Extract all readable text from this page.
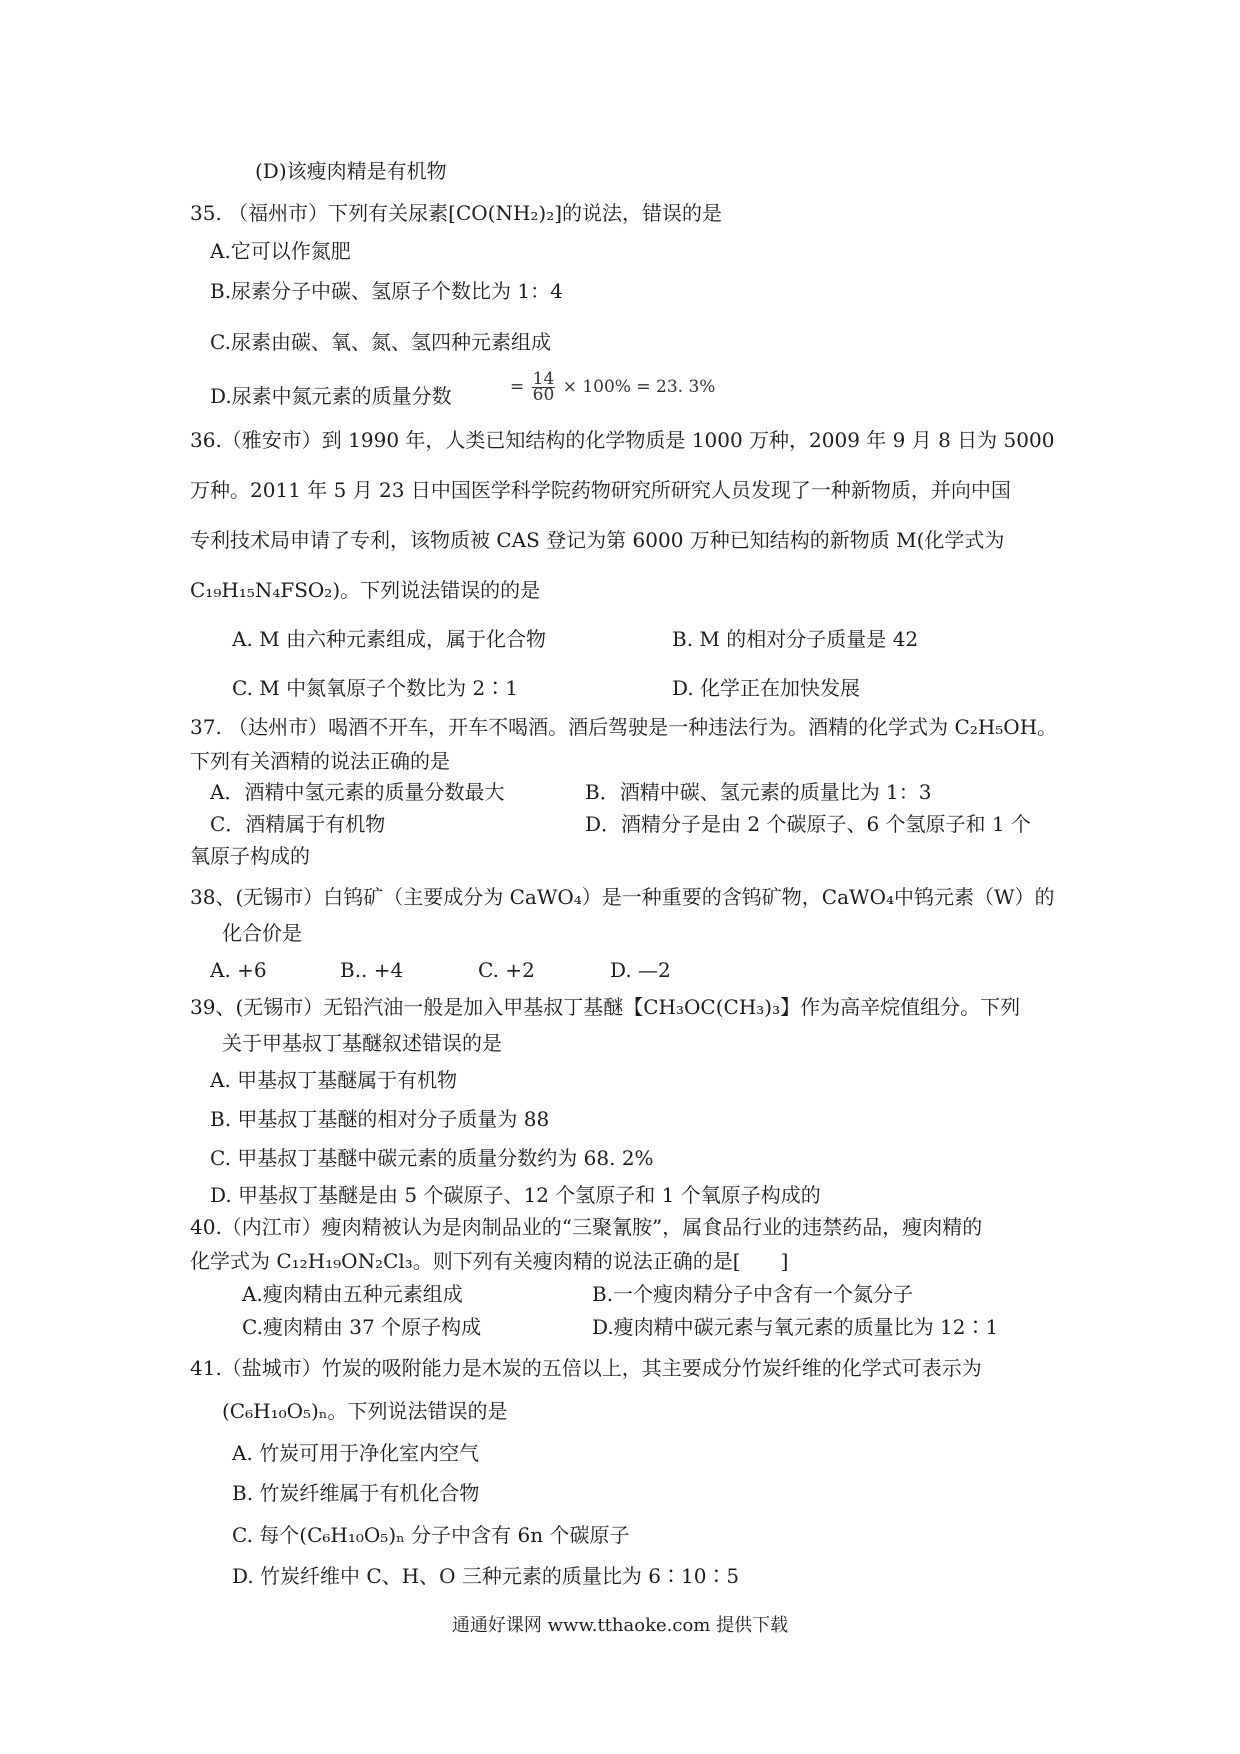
(D)该瘦肉精是有机物
35. （福州市）下列有关尿素[CO(NH₂)₂]的说法，错误的是
A.它可以作氮肥
B.尿素分子中碳、氢原子个数比为 1：4
C.尿素由碳、氧、氮、氢四种元素组成
D.尿素中氮元素的质量分数	= $\frac{14}{60} \times 100\% = 23$. 3%
36.（雅安市）到 1990 年，人类已知结构的化学物质是 1000 万种，2009 年 9 月 8 日为 5000
万种。2011 年 5 月 23 日中国医学科学院药物研究所研究人员发现了一种新物质，并向中国
专利技术局申请了专利，该物质被 CAS 登记为第 6000 万种已知结构的新物质 M(化学式为
C₁₉H₁₅N₄FSO₂)。下列说法错误的的是
A. M 由六种元素组成，属于化合物	B. M 的相对分子质量是 42
C. M 中氮氧原子个数比为 2∶1	D. 化学正在加快发展
37. （达州市）喝酒不开车，开车不喝酒。酒后驾驶是一种违法行为。酒精的化学式为 C₂H₅OH。
下列有关酒精的说法正确的是
A．酒精中氢元素的质量分数最大	B．酒精中碳、氢元素的质量比为 1：3
C．酒精属于有机物	D．酒精分子是由 2 个碳原子、6 个氢原子和 1 个
氧原子构成的
38、(无锡市）白钨矿（主要成分为 CaWO₄）是一种重要的含钨矿物，CaWO₄中钨元素（W）的
化合价是
A. +6	B.. +4	C. +2	D. —2
39、(无锡市）无铅汽油一般是加入甲基叔丁基醚【CH₃OC(CH₃)₃】作为高辛烷值组分。下列
关于甲基叔丁基醚叙述错误的是
A. 甲基叔丁基醚属于有机物
B. 甲基叔丁基醚的相对分子质量为 88
C. 甲基叔丁基醚中碳元素的质量分数约为 68. 2%
D. 甲基叔丁基醚是由 5 个碳原子、12 个氢原子和 1 个氧原子构成的
40.（内江市）瘦肉精被认为是肉制品业的“三聚氰胺”，属食品行业的违禁药品，瘦肉精的
化学式为 C₁₂H₁₉ON₂Cl₃。则下列有关瘦肉精的说法正确的是[　　]
A.瘦肉精由五种元素组成	B.一个瘦肉精分子中含有一个氮分子
C.瘦肉精由 37 个原子构成	D.瘦肉精中碳元素与氧元素的质量比为 12∶1
41.（盐城市）竹炭的吸附能力是木炭的五倍以上，其主要成分竹炭纤维的化学式可表示为
(C₆H₁₀O₅)ₙ。下列说法错误的是
A. 竹炭可用于净化室内空气
B. 竹炭纤维属于有机化合物
C. 每个(C₆H₁₀O₅)ₙ 分子中含有 6n 个碳原子
D. 竹炭纤维中 C、H、O 三种元素的质量比为 6∶10∶5
通通好课网 www.tthaoke.com 提供下载
